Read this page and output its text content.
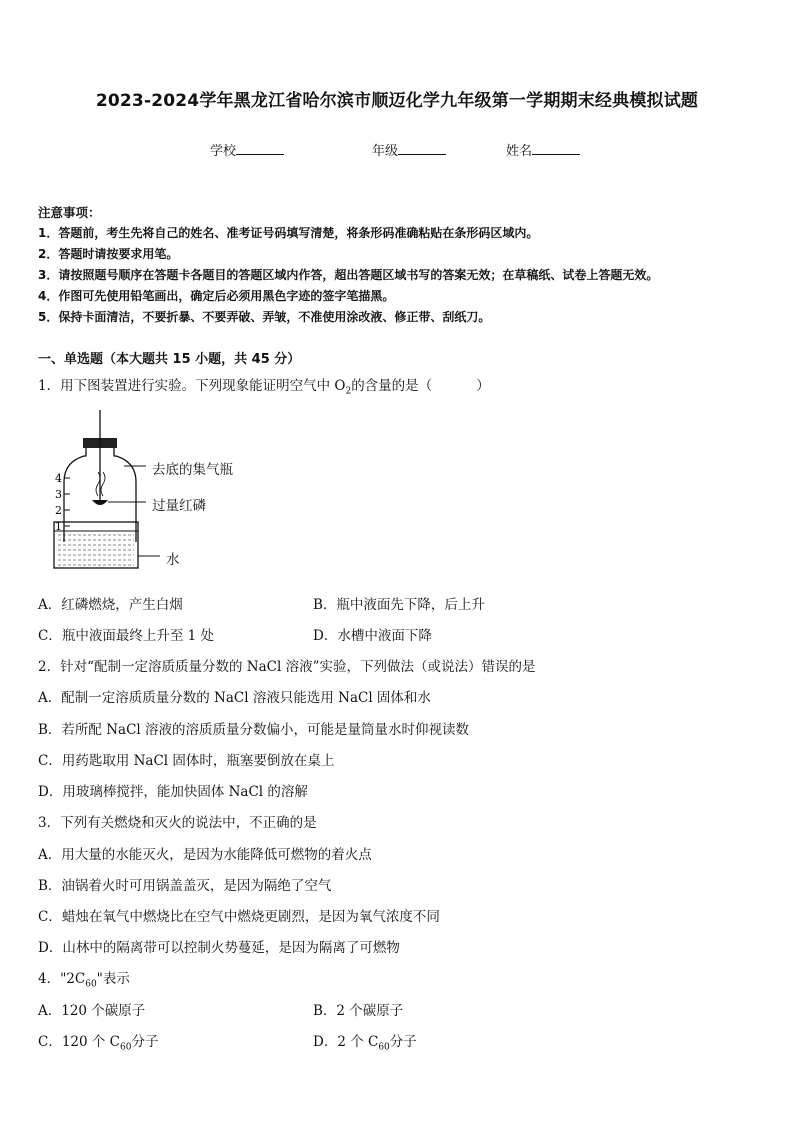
2023-2024学年黑龙江省哈尔滨市顺迈化学九年级第一学期期末经典模拟试题
学校	年级	姓名
注意事项：
1．答题前，考生先将自己的姓名、准考证号码填写清楚，将条形码准确粘贴在条形码区域内。
2．答题时请按要求用笔。
3．请按照题号顺序在答题卡各题目的答题区域内作答，超出答题区域书写的答案无效；在草稿纸、试卷上答题无效。
4．作图可先使用铅笔画出，确定后必须用黑色字迹的签字笔描黑。
5．保持卡面清洁，不要折暴、不要弄破、弄皱，不准使用涂改液、修正带、刮纸刀。
一、单选题（本大题共 15 小题，共 45 分）
1．用下图装置进行实验。下列现象能证明空气中 $O_2$的含量的是（	）
4
3
2
1
去底的集气瓶
过量红磷
水
A．红磷燃烧，产生白烟	B．瓶中液面先下降，后上升
C．瓶中液面最终上升至 1 处	D．水槽中液面下降
2．针对“配制一定溶质质量分数的 NaCl 溶液”实验，下列做法（或说法）错误的是
A．配制一定溶质质量分数的 NaCl 溶液只能选用 NaCl 固体和水
B．若所配 NaCl 溶液的溶质质量分数偏小，可能是量筒量水时仰视读数
C．用药匙取用 NaCl 固体时，瓶塞要倒放在桌上
D．用玻璃棒搅拌，能加快固体 NaCl 的溶解
3．下列有关燃烧和灭火的说法中，不正确的是
A．用大量的水能灭火，是因为水能降低可燃物的着火点
B．油锅着火时可用锅盖盖灭，是因为隔绝了空气
C．蜡烛在氧气中燃烧比在空气中燃烧更剧烈，是因为氧气浓度不同
D．山林中的隔离带可以控制火势蔓延，是因为隔离了可燃物
4．"$2C_{60}$"表示
A．120 个碳原子	B．2 个碳原子
C．120 个 $C_{60}$分子	D．2 个 $C_{60}$分子
